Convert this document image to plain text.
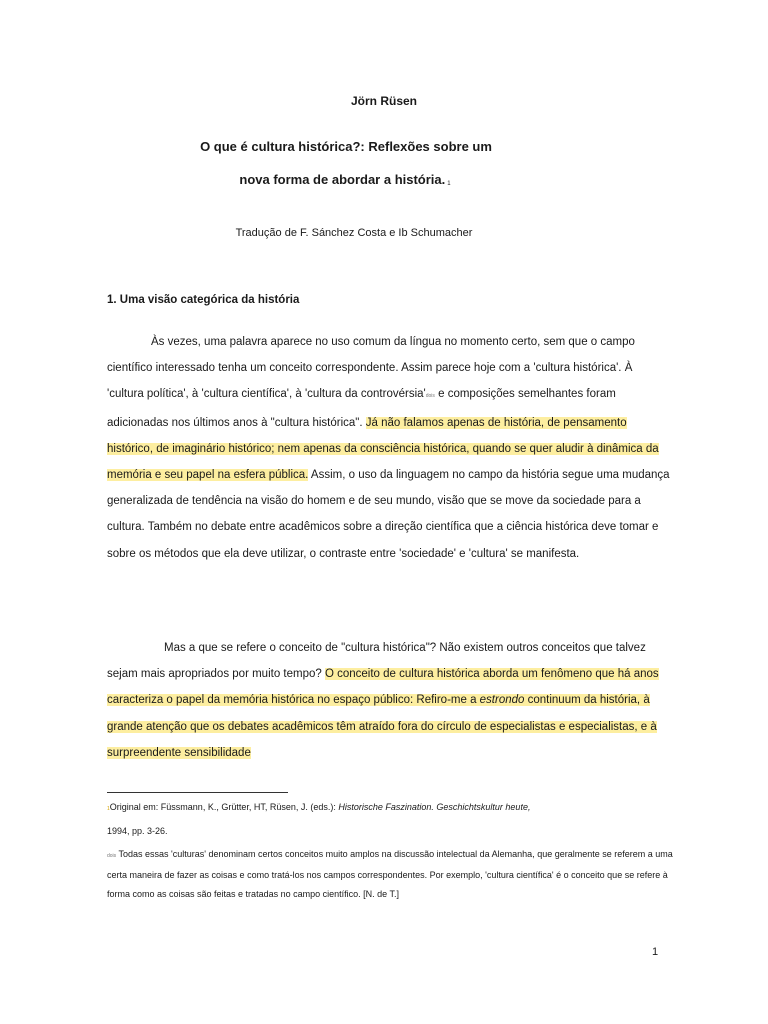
Jörn Rüsen
O que é cultura histórica?: Reflexões sobre um
nova forma de abordar a história. $^1$
Tradução de F. Sánchez Costa e Ib Schumacher
1. Uma visão categórica da história
Às vezes, uma palavra aparece no uso comum da língua no momento certo, sem que o campo científico interessado tenha um conceito correspondente. Assim parece hoje com a 'cultura histórica'. À 'cultura política', à 'cultura científica', à 'cultura da controvérsia'dois e composições semelhantes foram adicionadas nos últimos anos à "cultura histórica". Já não falamos apenas de história, de pensamento histórico, de imaginário histórico; nem apenas da consciência histórica, quando se quer aludir à dinâmica da memória e seu papel na esfera pública. Assim, o uso da linguagem no campo da história segue uma mudança generalizada de tendência na visão do homem e de seu mundo, visão que se move da sociedade para a cultura. Também no debate entre acadêmicos sobre a direção científica que a ciência histórica deve tomar e sobre os métodos que ela deve utilizar, o contraste entre 'sociedade' e 'cultura' se manifesta.
Mas a que se refere o conceito de "cultura histórica"? Não existem outros conceitos que talvez sejam mais apropriados por muito tempo? O conceito de cultura histórica aborda um fenômeno que há anos caracteriza o papel da memória histórica no espaço público: Refiro-me a estrondo continuum da história, à grande atenção que os debates acadêmicos têm atraído fora do círculo de especialistas e especialistas, e à surpreendente sensibilidade
1Original em: Füssmann, K., Grütter, HT, Rüsen, J. (eds.): Historische Faszination. Geschichtskultur heute,
1994, pp. 3-26.
dois Todas essas 'culturas' denominam certos conceitos muito amplos na discussão intelectual da Alemanha, que geralmente se referem a uma certa maneira de fazer as coisas e como tratá-los nos campos correspondentes. Por exemplo, 'cultura científica' é o conceito que se refere à forma como as coisas são feitas e tratadas no campo científico. [N. de T.]
1
